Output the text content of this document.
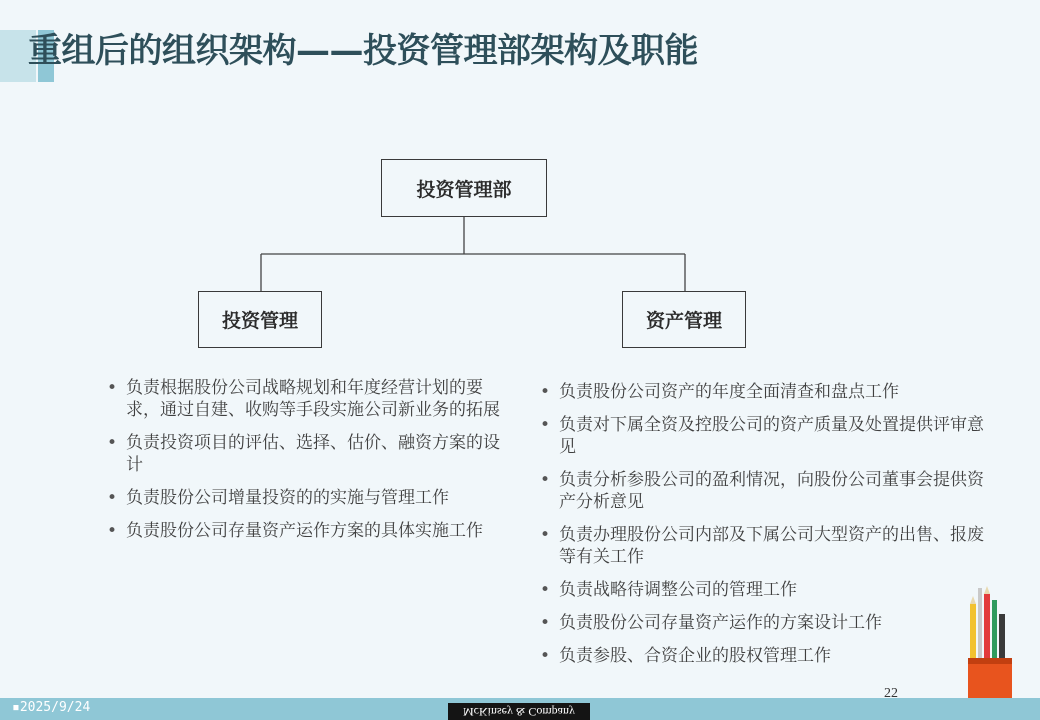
重组后的组织架构——投资管理部架构及职能
投资管理部
投资管理	资产管理
• 负责根据股份公司战略规划和年度经营计划的要求，通过自建、收购等手段实施公司新业务的拓展
• 负责投资项目的评估、选择、估价、融资方案的设计
• 负责股份公司增量投资的的实施与管理工作
• 负责股份公司存量资产运作方案的具体实施工作
• 负责股份公司资产的年度全面清查和盘点工作
• 负责对下属全资及控股公司的资产质量及处置提供评审意见
• 负责分析参股公司的盈利情况，向股份公司董事会提供资产分析意见
• 负责办理股份公司内部及下属公司大型资产的出售、报废等有关工作
• 负责战略待调整公司的管理工作
• 负责股份公司存量资产运作的方案设计工作
• 负责参股、合资企业的股权管理工作
▪2025/9/24	McKinsey & Company
22
